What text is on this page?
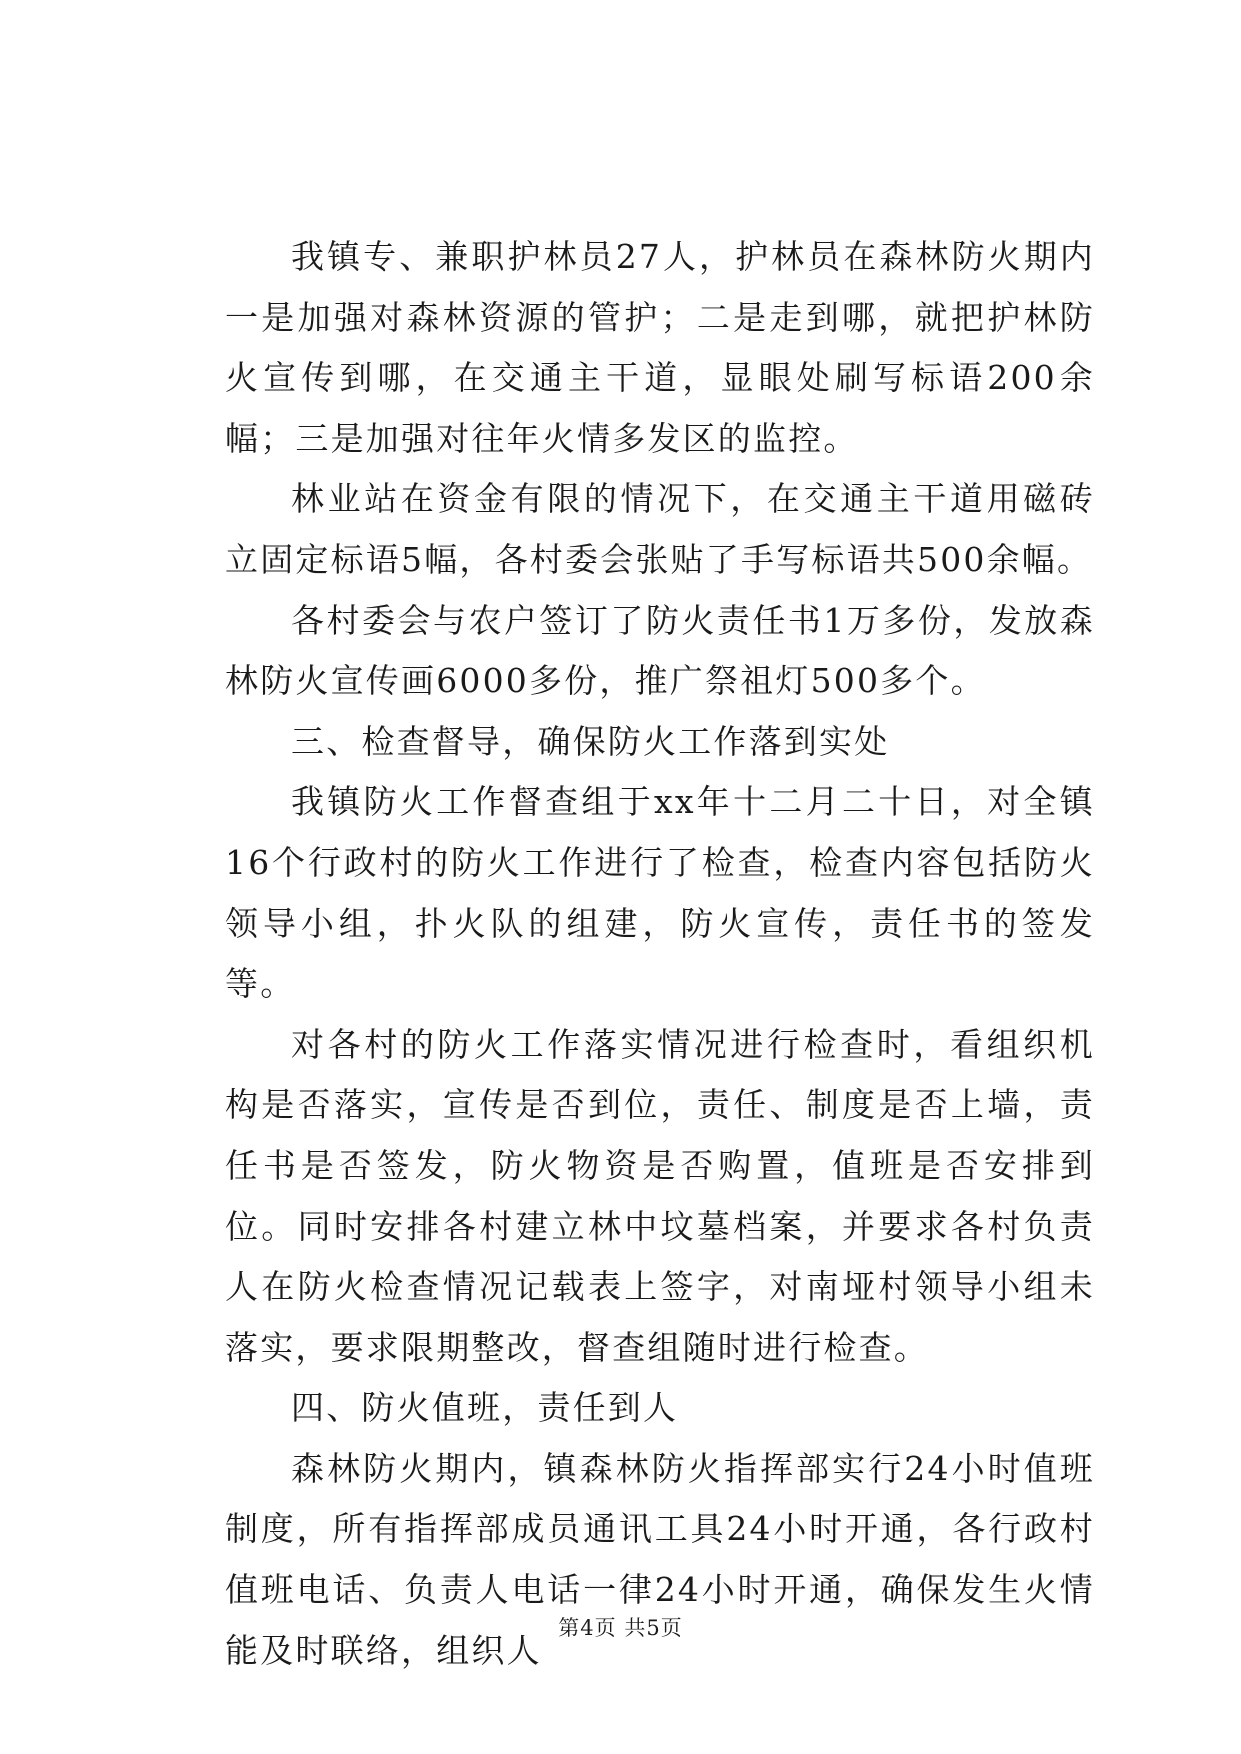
我镇专、兼职护林员27人，护林员在森林防火期内一是加强对森林资源的管护；二是走到哪，就把护林防火宣传到哪，在交通主干道，显眼处刷写标语200余幅；三是加强对往年火情多发区的监控。

林业站在资金有限的情况下，在交通主干道用磁砖立固定标语5幅，各村委会张贴了手写标语共500余幅。

各村委会与农户签订了防火责任书1万多份，发放森林防火宣传画6000多份，推广祭祖灯500多个。

三、检查督导，确保防火工作落到实处

我镇防火工作督查组于xx年十二月二十日，对全镇16个行政村的防火工作进行了检查，检查内容包括防火领导小组，扑火队的组建，防火宣传，责任书的签发等。

对各村的防火工作落实情况进行检查时，看组织机构是否落实，宣传是否到位，责任、制度是否上墙，责任书是否签发，防火物资是否购置，值班是否安排到位。同时安排各村建立林中坟墓档案，并要求各村负责人在防火检查情况记载表上签字，对南垭村领导小组未落实，要求限期整改，督查组随时进行检查。

四、防火值班，责任到人

森林防火期内，镇森林防火指挥部实行24小时值班制度，所有指挥部成员通讯工具24小时开通，各行政村值班电话、负责人电话一律24小时开通，确保发生火情能及时联络，组织人

第4页 共5页
